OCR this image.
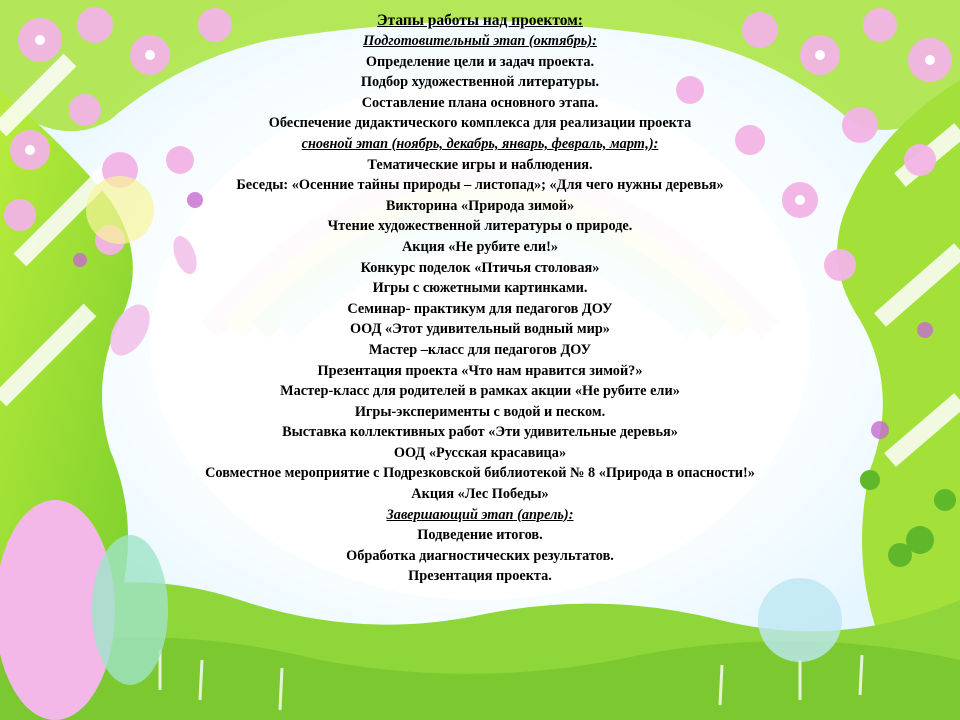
Этапы работы над проектом:

Подготовительный этап (октябрь):

Определение цели и задач проекта.

Подбор художественной литературы.

Составление плана основного этапа.

Обеспечение дидактического комплекса для реализации проекта

сновной этап (ноябрь, декабрь, январь, февраль, март,):

Тематические игры и наблюдения.

Беседы: «Осенние тайны природы – листопад»; «Для чего нужны деревья»

Викторина «Природа зимой»

Чтение художественной литературы о природе.

Акция «Не рубите ели!»

Конкурс поделок «Птичья столовая»

Игры с сюжетными картинками.

Семинар- практикум для педагогов ДОУ

ООД «Этот удивительный водный мир»

Мастер –класс для педагогов ДОУ

Презентация проекта «Что нам нравится зимой?»

Мастер-класс для родителей в рамках акции «Не рубите ели»

Игры-эксперименты с водой и песком.

Выставка коллективных работ «Эти удивительные деревья»

ООД «Русская красавица»

Совместное мероприятие с Подрезковской библиотекой № 8 «Природа в опасности!»

Акция «Лес Победы»

Завершающий этап (апрель):

Подведение итогов.

Обработка диагностических результатов.

Презентация проекта.
